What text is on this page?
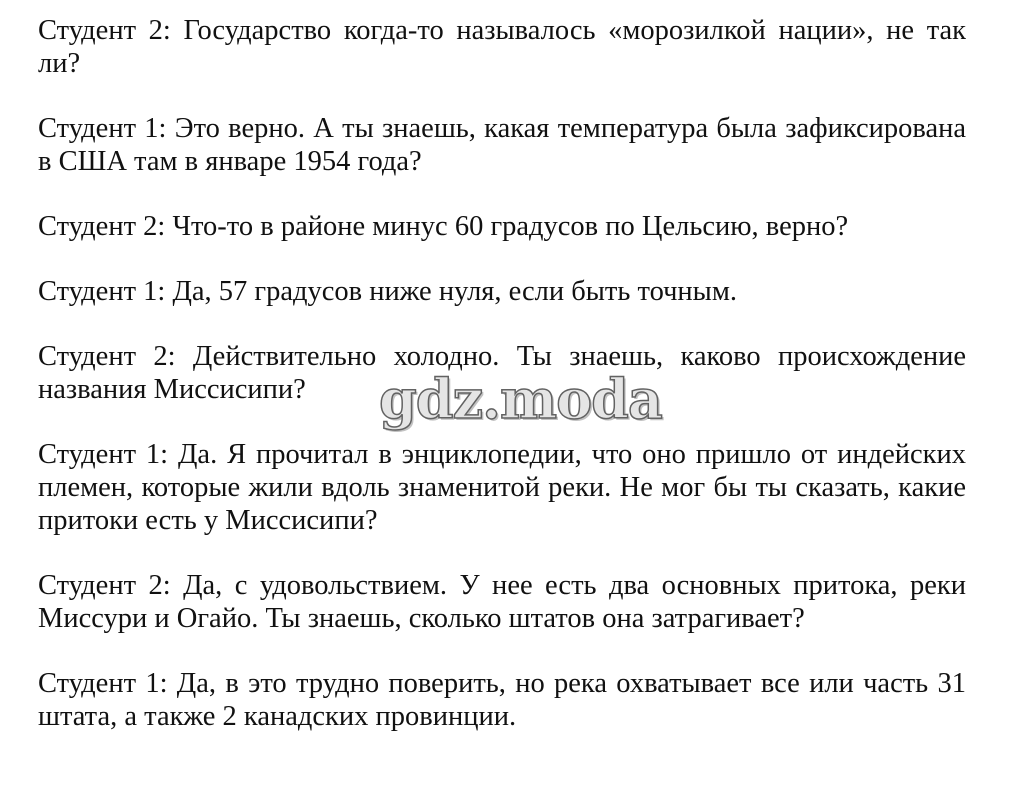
Студент 2: Государство когда-то называлось «морозилкой нации», не так ли?

Студент 1: Это верно. А ты знаешь, какая температура была зафиксирована в США там в январе 1954 года?

Студент 2: Что-то в районе минус 60 градусов по Цельсию, верно?

Студент 1: Да, 57 градусов ниже нуля, если быть точным.

Студент 2: Действительно холодно. Ты знаешь, каково происхождение названия Миссисипи?

Студент 1: Да. Я прочитал в энциклопедии, что оно пришло от индейских племен, которые жили вдоль знаменитой реки. Не мог бы ты сказать, какие притоки есть у Миссисипи?

Студент 2: Да, с удовольствием. У нее есть два основных притока, реки Миссури и Огайо. Ты знаешь, сколько штатов она затрагивает?

Студент 1: Да, в это трудно поверить, но река охватывает все или часть 31 штата, а также 2 канадских провинции.

gdz.moda
